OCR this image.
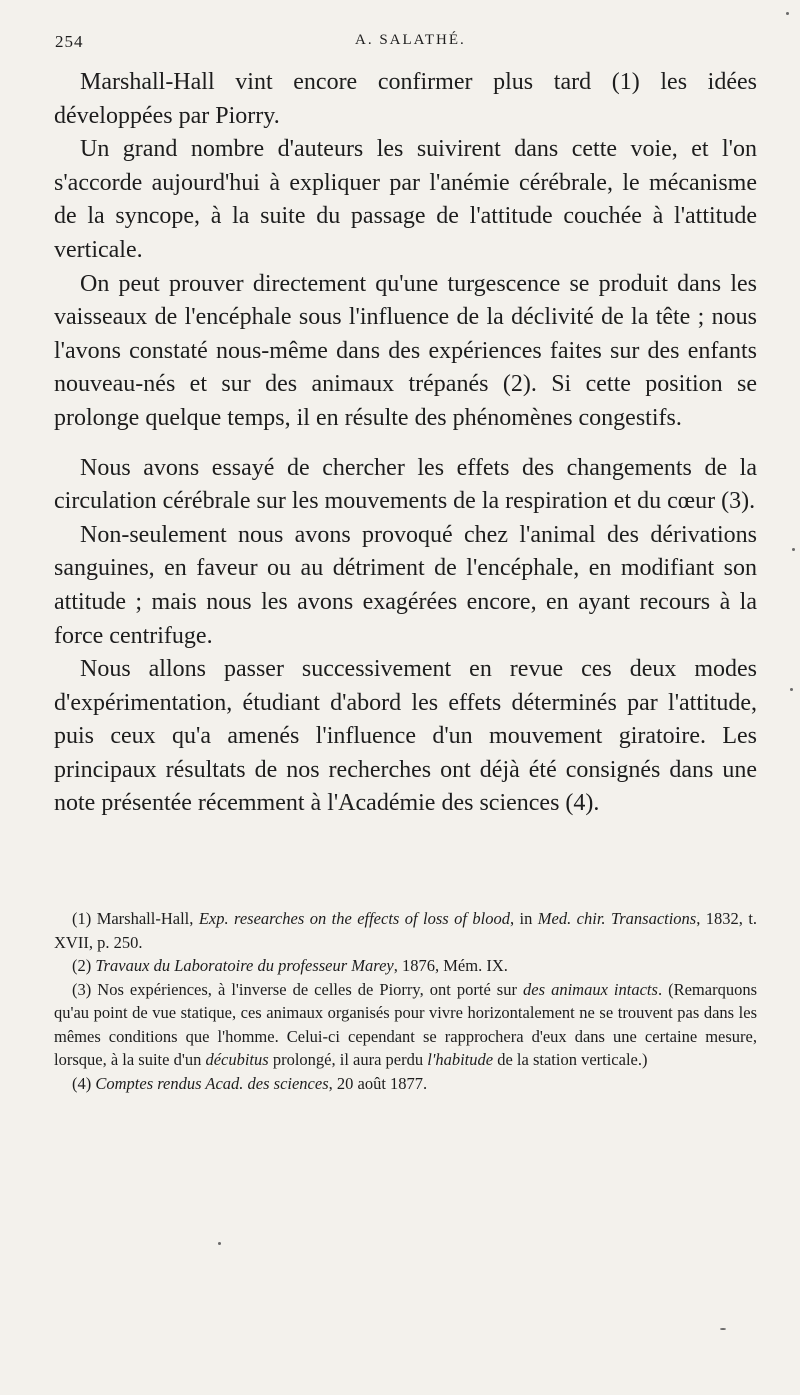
254	A. SALATHÉ.

Marshall-Hall vint encore confirmer plus tard (1) les idées développées par Piorry.

Un grand nombre d'auteurs les suivirent dans cette voie, et l'on s'accorde aujourd'hui à expliquer par l'anémie cérébrale, le mécanisme de la syncope, à la suite du passage de l'attitude couchée à l'attitude verticale.

On peut prouver directement qu'une turgescence se produit dans les vaisseaux de l'encéphale sous l'influence de la déclivité de la tête ; nous l'avons constaté nous-même dans des expériences faites sur des enfants nouveau-nés et sur des animaux trépanés (2). Si cette position se prolonge quelque temps, il en résulte des phénomènes congestifs.

Nous avons essayé de chercher les effets des changements de la circulation cérébrale sur les mouvements de la respiration et du cœur (3).

Non-seulement nous avons provoqué chez l'animal des dérivations sanguines, en faveur ou au détriment de l'encéphale, en modifiant son attitude ; mais nous les avons exagérées encore, en ayant recours à la force centrifuge.

Nous allons passer successivement en revue ces deux modes d'expérimentation, étudiant d'abord les effets déterminés par l'attitude, puis ceux qu'a amenés l'influence d'un mouvement giratoire. Les principaux résultats de nos recherches ont déjà été consignés dans une note présentée récemment à l'Académie des sciences (4).

(1) Marshall-Hall, Exp. researches on the effects of loss of blood, in Med. chir. Transactions, 1832, t. XVII, p. 250.

(2) Travaux du Laboratoire du professeur Marey, 1876, Mém. IX.

(3) Nos expériences, à l'inverse de celles de Piorry, ont porté sur des animaux intacts. (Remarquons qu'au point de vue statique, ces animaux organisés pour vivre horizontalement ne se trouvent pas dans les mêmes conditions que l'homme. Celui-ci cependant se rapprochera d'eux dans une certaine mesure, lorsque, à la suite d'un décubitus prolongé, il aura perdu l'habitude de la station verticale.)

(4) Comptes rendus Acad. des sciences, 20 août 1877.
